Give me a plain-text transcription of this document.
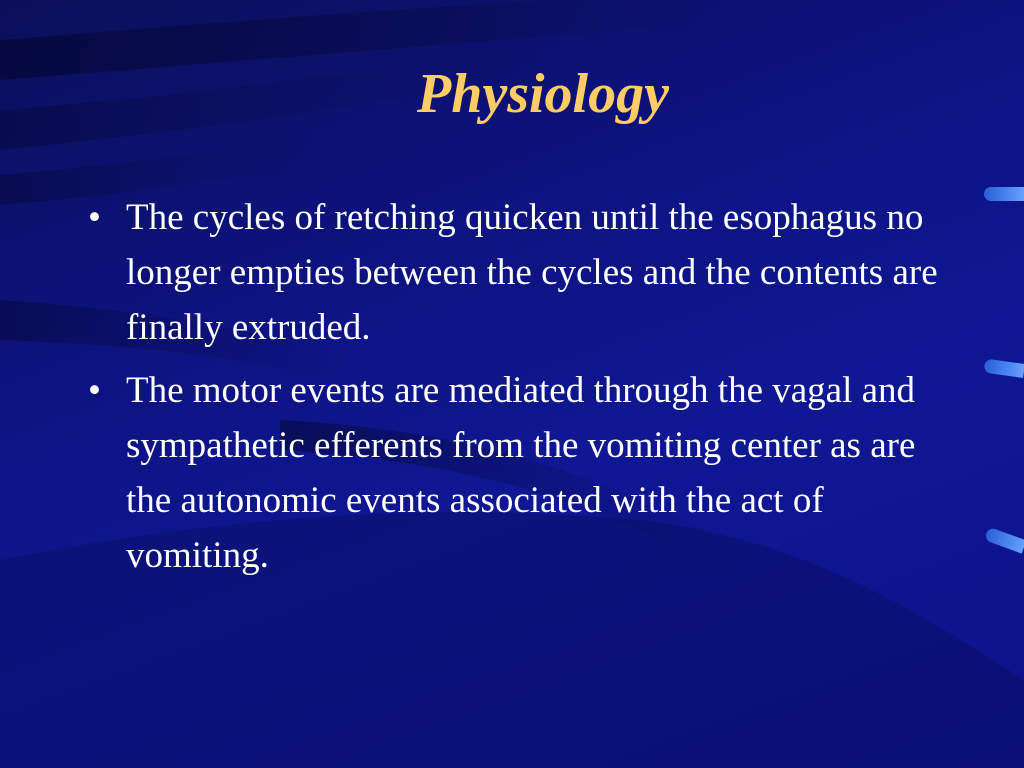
Physiology
• The cycles of retching quicken until the esophagus no longer empties between the cycles and the contents are finally extruded.
• The motor events are mediated through the vagal and sympathetic efferents from the vomiting center as are the autonomic events associated with the act of vomiting.
